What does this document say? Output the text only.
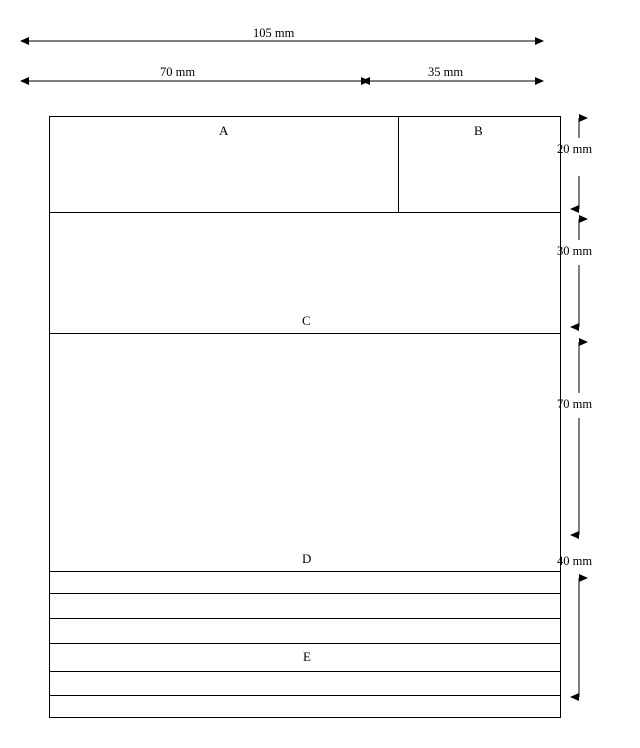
105 mm
70 mm	35 mm
A	B
C
D
E
20 mm
30 mm
70 mm
40 mm
